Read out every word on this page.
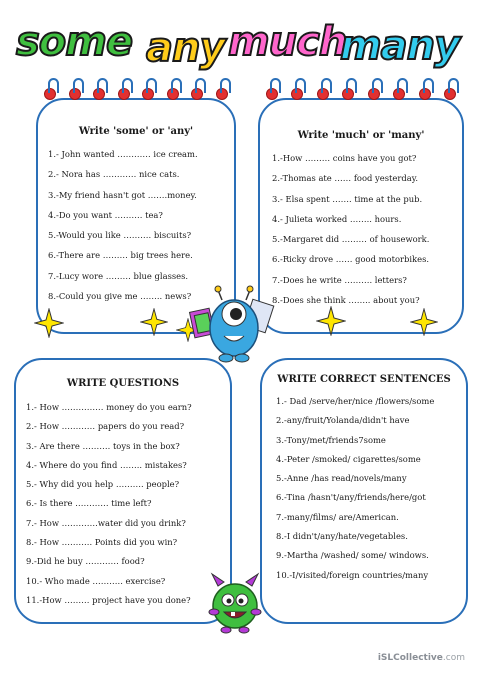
some any much
many
Write 'some' or 'any'
1.- John wanted ………… ice cream.
2.- Nora has ………… nice cats.
3.-My friend hasn't got …….money.
4.-Do you want ………. tea?
5.-Would you like ………. biscuits?
6.-There are ……… big trees here.
7.-Lucy wore ……… blue glasses.
8.-Could you give me …….. news?
Write 'much' or 'many'
1.-How ……… coins have you got?
2.-Thomas ate …… food yesterday.
3.- Elsa spent ……. time at the pub.
4.- Julieta worked …….. hours.
5.-Margaret did ……… of housework.
6.-Ricky drove …… good motorbikes.
7.-Does he write ………. letters?
8.-Does she think …….. about you?
WRITE QUESTIONS
1.- How …………… money do you earn?
2.- How ………… papers do you read?
3.- Are there ………. toys in the box?
4.- Where do you find …….. mistakes?
5.- Why did you help ………. people?
6.- Is there ………… time left?
7.- How ………….water did you drink?
8.- How ……….. Points did you win?
9.-Did he buy ………… food?
10.- Who made ……….. exercise?
11.-How ……… project have you done?
WRITE CORRECT SENTENCES
1.- Dad /serve/her/nice /flowers/some
2.-any/fruit/Yolanda/didn't have
3.-Tony/met/friends7some
4.-Peter /smoked/ cigarettes/some
5.-Anne /has read/novels/many
6.-Tina /hasn't/any/friends/here/got
7.-many/films/ are/American.
8.-I didn't/any/hate/vegetables.
9.-Martha /washed/ some/ windows.
10.-I/visited/foreign countries/many
iSLCollective.com
